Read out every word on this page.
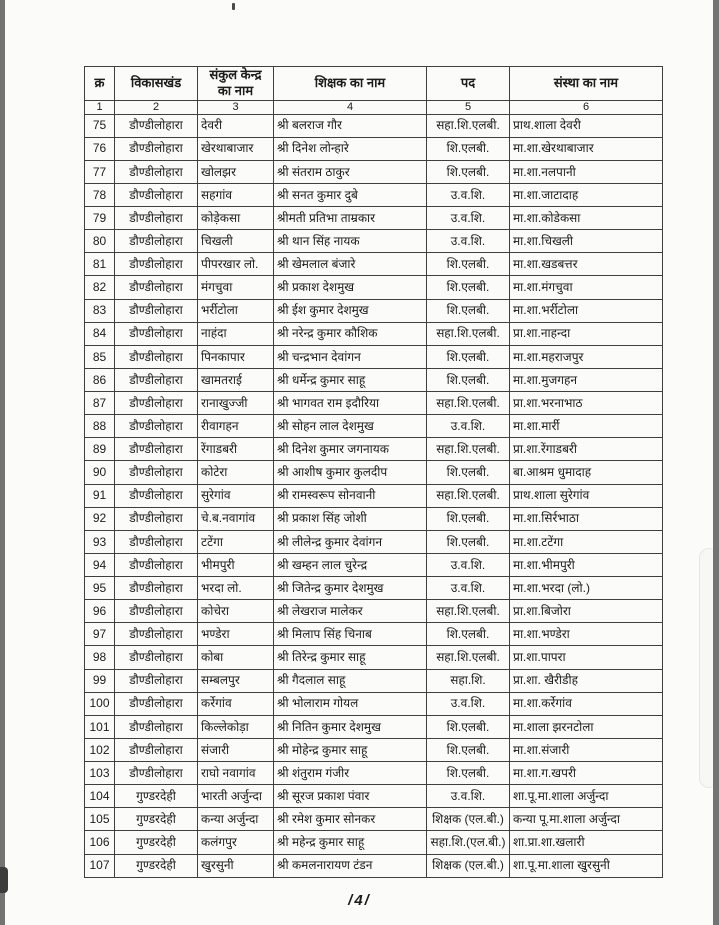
क्र	विकासखंड	संकुल केन्द्र का नाम	शिक्षक का नाम	पद	संस्था का नाम
1	2	3	4	5	6
75	डौण्डीलोहारा	देवरी	श्री बलराज गौर	सहा.शि.एलबी.	प्राथ.शाला देवरी
76	डौण्डीलोहारा	खेरथाबाजार	श्री दिनेश लोन्हारे	शि.एलबी.	मा.शा.खेरथाबाजार
77	डौण्डीलोहारा	खोलझर	श्री संतराम ठाकुर	शि.एलबी.	मा.शा.नलपानी
78	डौण्डीलोहारा	सहगांव	श्री सनत कुमार दुबे	उ.व.शि.	मा.शा.जाटादाह
79	डौण्डीलोहारा	कोड़ेकसा	श्रीमती प्रतिभा ताम्रकार	उ.व.शि.	मा.शा.कोडेकसा
80	डौण्डीलोहारा	चिखली	श्री थान सिंह नायक	उ.व.शि.	मा.शा.चिखली
81	डौण्डीलोहारा	पीपरखार लो.	श्री खेमलाल बंजारे	शि.एलबी.	मा.शा.खडबत्तर
82	डौण्डीलोहारा	मंगचुवा	श्री प्रकाश देशमुख	शि.एलबी.	मा.शा.मंगचुवा
83	डौण्डीलोहारा	भर्रीटोला	श्री ईश कुमार देशमुख	शि.एलबी.	मा.शा.भर्रीटोला
84	डौण्डीलोहारा	नाहंदा	श्री नरेन्द्र कुमार कौशिक	सहा.शि.एलबी.	प्रा.शा.नाहन्दा
85	डौण्डीलोहारा	पिनकापार	श्री चन्द्रभान देवांगन	शि.एलबी.	मा.शा.महराजपुर
86	डौण्डीलोहारा	खामतराई	श्री धर्मेन्द्र कुमार साहू	शि.एलबी.	मा.शा.मुजगहन
87	डौण्डीलोहारा	रानाखुज्जी	श्री भागवत राम इदौरिया	सहा.शि.एलबी.	प्रा.शा.भरनाभाठ
88	डौण्डीलोहारा	रीवागहन	श्री सोहन लाल देशमुख	उ.व.शि.	मा.शा.मार्री
89	डौण्डीलोहारा	रेंगाडबरी	श्री दिनेश कुमार जगनायक	सहा.शि.एलबी.	प्रा.शा.रेंगाडबरी
90	डौण्डीलोहारा	कोटेरा	श्री आशीष कुमार कुलदीप	शि.एलबी.	बा.आश्रम धुमादाह
91	डौण्डीलोहारा	सुरेगांव	श्री रामस्वरूप सोनवानी	सहा.शि.एलबी.	प्राथ.शाला सुरेगांव
92	डौण्डीलोहारा	चे.ब.नवागांव	श्री प्रकाश सिंह जोशी	शि.एलबी.	मा.शा.सिर्रभाठा
93	डौण्डीलोहारा	टटेंगा	श्री लीलेन्द्र कुमार देवांगन	शि.एलबी.	मा.शा.टटेंगा
94	डौण्डीलोहारा	भीमपुरी	श्री खम्हन लाल चुरेन्द्र	उ.व.शि.	मा.शा.भीमपुरी
95	डौण्डीलोहारा	भरदा लो.	श्री जितेन्द्र कुमार देशमुख	उ.व.शि.	मा.शा.भरदा (लो.)
96	डौण्डीलोहारा	कोचेरा	श्री लेखराज मालेकर	सहा.शि.एलबी.	प्रा.शा.बिजोरा
97	डौण्डीलोहारा	भण्डेरा	श्री मिलाप सिंह चिनाब	शि.एलबी.	मा.शा.भण्डेरा
98	डौण्डीलोहारा	कोबा	श्री तिरेन्द्र कुमार साहू	सहा.शि.एलबी.	प्रा.शा.पापरा
99	डौण्डीलोहारा	सम्बलपुर	श्री गैदलाल साहू	सहा.शि.	प्रा.शा. खैरीडीह
100	डौण्डीलोहारा	कर्रेगांव	श्री भोलाराम गोयल	उ.व.शि.	मा.शा.कर्रेगांव
101	डौण्डीलोहारा	किल्लेकोड़ा	श्री नितिन कुमार देशमुख	शि.एलबी.	मा.शाला झरनटोला
102	डौण्डीलोहारा	संजारी	श्री मोहेन्द्र कुमार साहू	शि.एलबी.	मा.शा.संजारी
103	डौण्डीलोहारा	राघो नवागांव	श्री शंतुराम गंजीर	शि.एलबी.	मा.शा.ग.खपरी
104	गुण्डरदेही	भारती अर्जुन्दा	श्री सूरज प्रकाश पंवार	उ.व.शि.	शा.पू.मा.शाला अर्जुन्दा
105	गुण्डरदेही	कन्या अर्जुन्दा	श्री रमेश कुमार सोनकर	शिक्षक (एल.बी.)	कन्या पू.मा.शाला अर्जुन्दा
106	गुण्डरदेही	कलंगपुर	श्री महेन्द्र कुमार साहू	सहा.शि.(एल.बी.)	शा.प्रा.शा.खलारी
107	गुण्डरदेही	खुरसुनी	श्री कमलनारायण टंडन	शिक्षक (एल.बी.)	शा.पू.मा.शाला खुरसुनी
/4/
